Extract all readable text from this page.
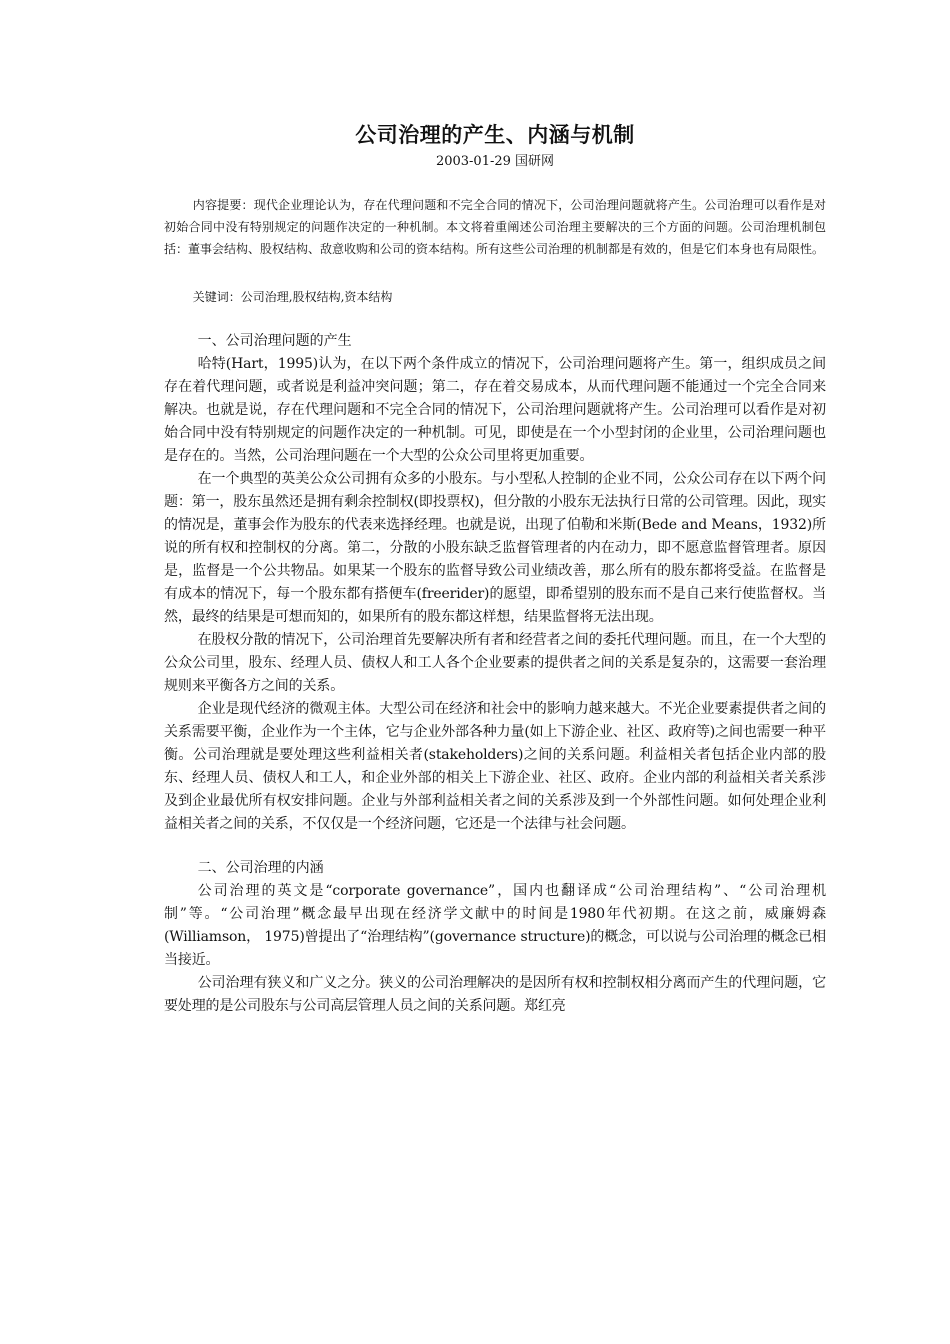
公司治理的产生、内涵与机制
2003-01-29 国研网

内容提要：现代企业理论认为，存在代理问题和不完全合同的情况下，公司治理问题就将产生。公司治理可以看作是对初始合同中没有特别规定的问题作决定的一种机制。本文将着重阐述公司治理主要解决的三个方面的问题。公司治理机制包括：董事会结构、股权结构、敌意收购和公司的资本结构。所有这些公司治理的机制都是有效的，但是它们本身也有局限性。

关键词：公司治理,股权结构,资本结构

一、公司治理问题的产生

哈特(Hart，1995)认为，在以下两个条件成立的情况下，公司治理问题将产生。第一，组织成员之间存在着代理问题，或者说是利益冲突问题；第二，存在着交易成本，从而代理问题不能通过一个完全合同来解决。也就是说，存在代理问题和不完全合同的情况下，公司治理问题就将产生。公司治理可以看作是对初始合同中没有特别规定的问题作决定的一种机制。可见，即使是在一个小型封闭的企业里，公司治理问题也是存在的。当然，公司治理问题在一个大型的公众公司里将更加重要。

在一个典型的英美公众公司拥有众多的小股东。与小型私人控制的企业不同，公众公司存在以下两个问题：第一，股东虽然还是拥有剩余控制权(即投票权)，但分散的小股东无法执行日常的公司管理。因此，现实的情况是，董事会作为股东的代表来选择经理。也就是说，出现了伯勒和米斯(Bede and Means，1932)所说的所有权和控制权的分离。第二，分散的小股东缺乏监督管理者的内在动力，即不愿意监督管理者。原因是，监督是一个公共物品。如果某一个股东的监督导致公司业绩改善，那么所有的股东都将受益。在监督是有成本的情况下，每一个股东都有搭便车(freerider)的愿望，即希望别的股东而不是自己来行使监督权。当然，最终的结果是可想而知的，如果所有的股东都这样想，结果监督将无法出现。

在股权分散的情况下，公司治理首先要解决所有者和经营者之间的委托代理问题。而且，在一个大型的公众公司里，股东、经理人员、债权人和工人各个企业要素的提供者之间的关系是复杂的，这需要一套治理规则来平衡各方之间的关系。

企业是现代经济的微观主体。大型公司在经济和社会中的影响力越来越大。不光企业要素提供者之间的关系需要平衡，企业作为一个主体，它与企业外部各种力量(如上下游企业、社区、政府等)之间也需要一种平衡。公司治理就是要处理这些利益相关者(stakeholders)之间的关系问题。利益相关者包括企业内部的股东、经理人员、债权人和工人，和企业外部的相关上下游企业、社区、政府。企业内部的利益相关者关系涉及到企业最优所有权安排问题。企业与外部利益相关者之间的关系涉及到一个外部性问题。如何处理企业利益相关者之间的关系，不仅仅是一个经济问题，它还是一个法律与社会问题。

二、公司治理的内涵

公司治理的英文是“corporate governance”，国内也翻译成“公司治理结构”、“公司治理机制”等。“公司治理”概念最早出现在经济学文献中的时间是1980年代初期。在这之前，威廉姆森(Williamson， 1975)曾提出了“治理结构”(governance structure)的概念，可以说与公司治理的概念已相当接近。

公司治理有狭义和广义之分。狭义的公司治理解决的是因所有权和控制权相分离而产生的代理问题，它要处理的是公司股东与公司高层管理人员之间的关系问题。郑红亮
